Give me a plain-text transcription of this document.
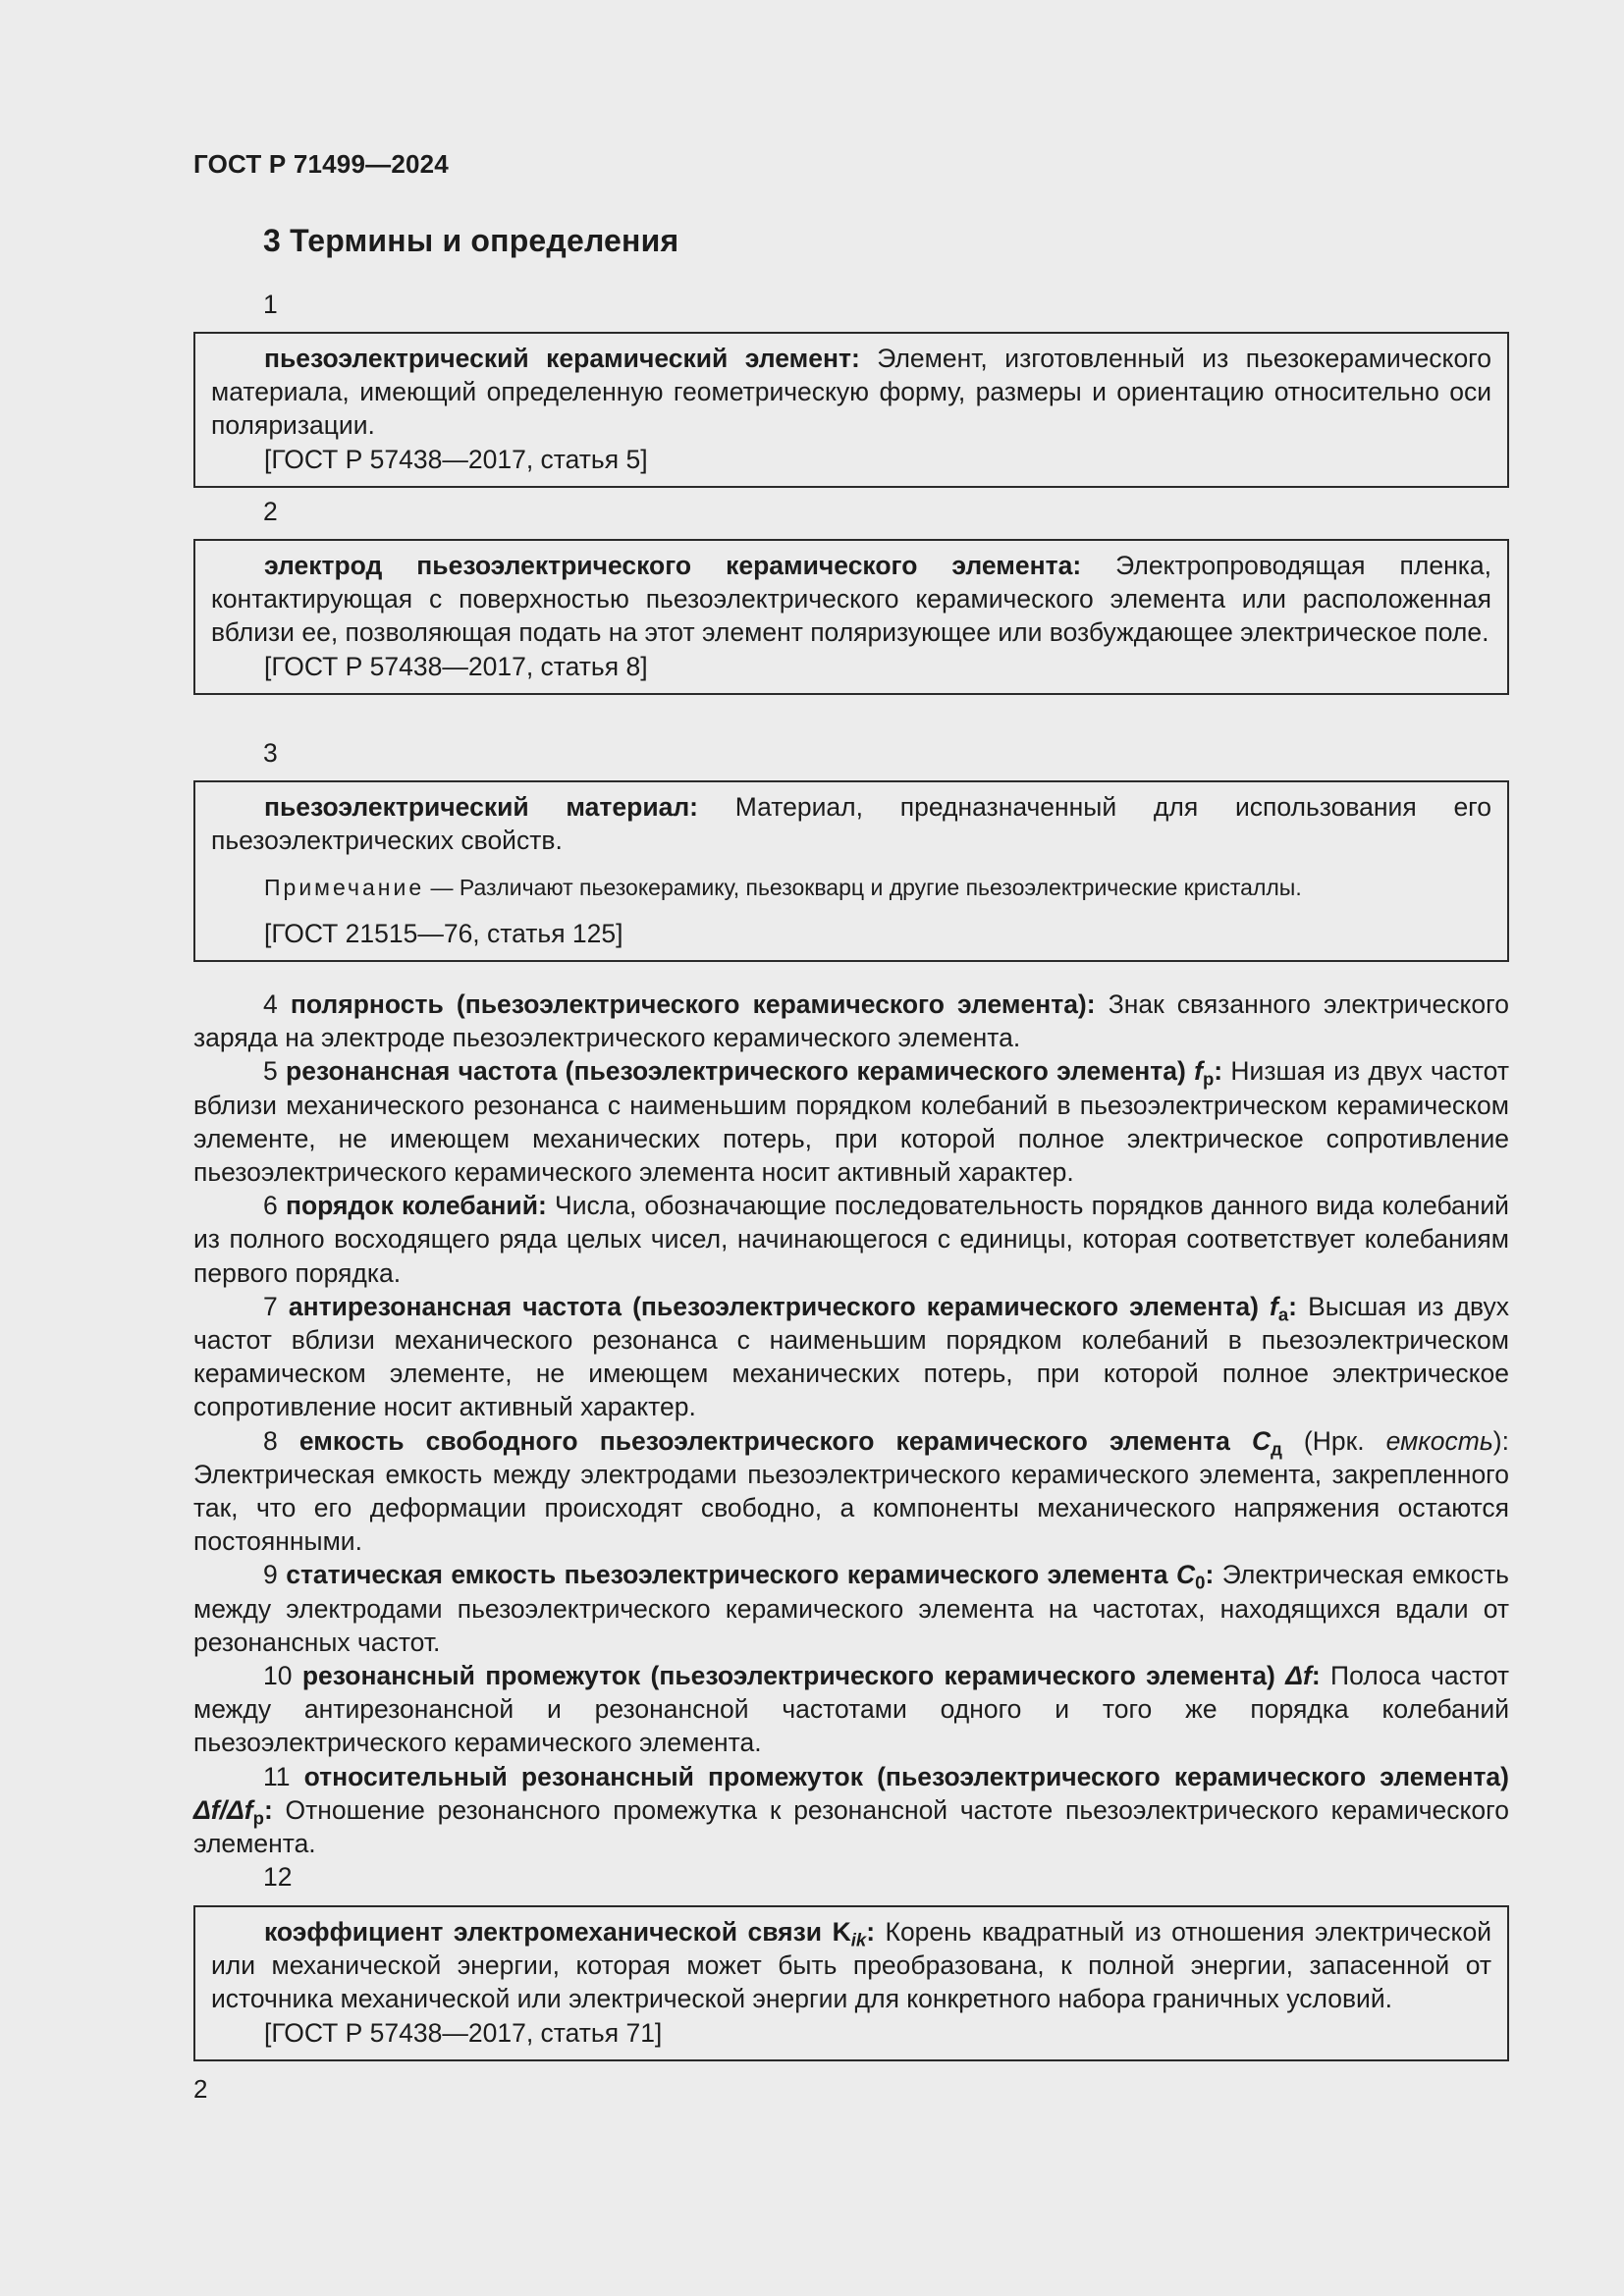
ГОСТ Р 71499—2024
3 Термины и определения
1

пьезоэлектрический керамический элемент: Элемент, изготовленный из пьезокерамического материала, имеющий определенную геометрическую форму, размеры и ориентацию относительно оси поляризации.

[ГОСТ Р 57438—2017, статья 5]

2

электрод пьезоэлектрического керамического элемента: Электропроводящая пленка, контактирующая с поверхностью пьезоэлектрического керамического элемента или расположенная вблизи ее, позволяющая подать на этот элемент поляризующее или возбуждающее электрическое поле.

[ГОСТ Р 57438—2017, статья 8]

3

пьезоэлектрический материал: Материал, предназначенный для использования его пьезоэлектрических свойств.

Примечание — Различают пьезокерамику, пьезокварц и другие пьезоэлектрические кристаллы.

[ГОСТ 21515—76, статья 125]

4 полярность (пьезоэлектрического керамического элемента): Знак связанного электрического заряда на электроде пьезоэлектрического керамического элемента.

5 резонансная частота (пьезоэлектрического керамического элемента) $f_p$: Низшая из двух частот вблизи механического резонанса с наименьшим порядком колебаний в пьезоэлектрическом керамическом элементе, не имеющем механических потерь, при которой полное электрическое сопротивление пьезоэлектрического керамического элемента носит активный характер.

6 порядок колебаний: Числа, обозначающие последовательность порядков данного вида колебаний из полного восходящего ряда целых чисел, начинающегося с единицы, которая соответствует колебаниям первого порядка.

7 антирезонансная частота (пьезоэлектрического керамического элемента) $f_a$: Высшая из двух частот вблизи механического резонанса с наименьшим порядком колебаний в пьезоэлектрическом керамическом элементе, не имеющем механических потерь, при которой полное электрическое сопротивление носит активный характер.

8 емкость свободного пьезоэлектрического керамического элемента $C_д$ (Нрк. емкость): Электрическая емкость между электродами пьезоэлектрического керамического элемента, закрепленного так, что его деформации происходят свободно, а компоненты механического напряжения остаются постоянными.

9 статическая емкость пьезоэлектрического керамического элемента $C_0$: Электрическая емкость между электродами пьезоэлектрического керамического элемента на частотах, находящихся вдали от резонансных частот.

10 резонансный промежуток (пьезоэлектрического керамического элемента) Δf: Полоса частот между антирезонансной и резонансной частотами одного и того же порядка колебаний пьезоэлектрического керамического элемента.

11 относительный резонансный промежуток (пьезоэлектрического керамического элемента) $\Delta f/\Delta f_p$: Отношение резонансного промежутка к резонансной частоте пьезоэлектрического керамического элемента.

12

коэффициент электромеханической связи $K_{ik}$: Корень квадратный из отношения электрической или механической энергии, которая может быть преобразована, к полной энергии, запасенной от источника механической или электрической энергии для конкретного набора граничных условий.

[ГОСТ Р 57438—2017, статья 71]

2
